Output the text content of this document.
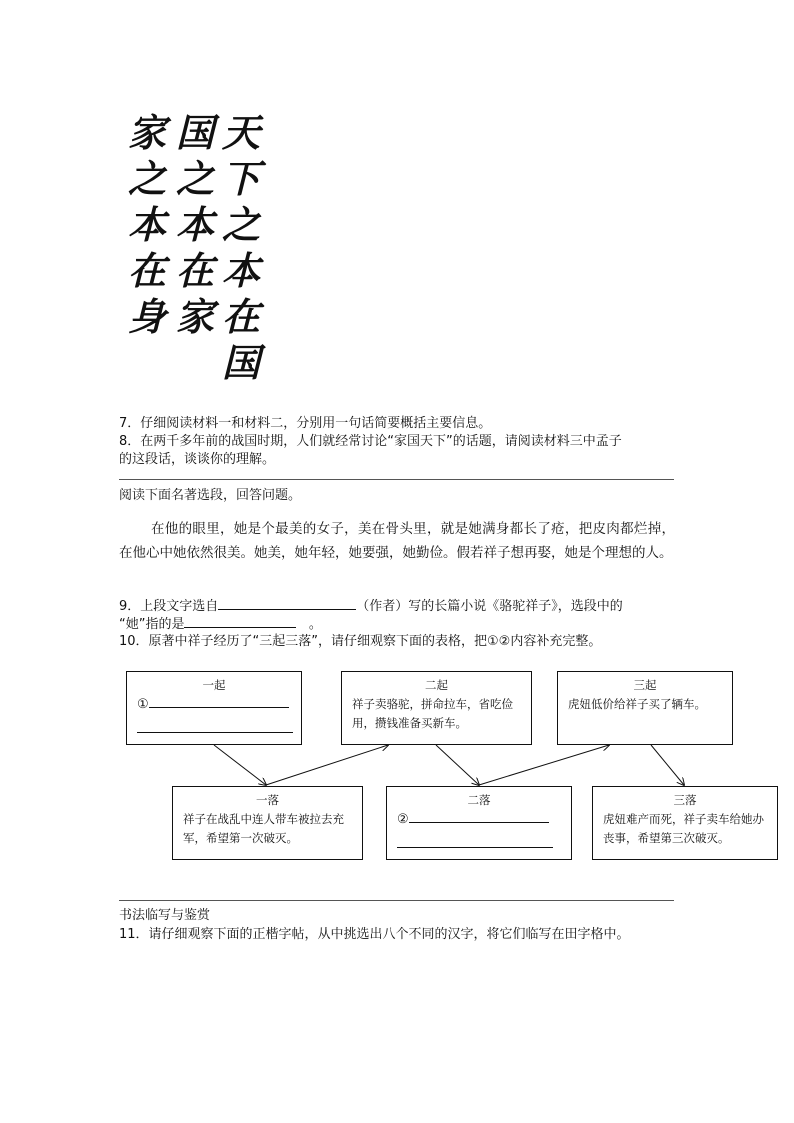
家
之
本
在
身
国
之
本
在
家
天
下
之
本
在
国
7．仔细阅读材料一和材料二，分别用一句话简要概括主要信息。
8．在两千多年前的战国时期，人们就经常讨论“家国天下”的话题，请阅读材料三中孟子
的这段话，谈谈你的理解。
阅读下面名著选段，回答问题。
在他的眼里，她是个最美的女子，美在骨头里，就是她满身都长了疮，把皮肉都烂掉，在他心中她依然很美。她美，她年轻，她要强，她勤俭。假若祥子想再娶，她是个理想的人。
9．上段文字选自	（作者）写的长篇小说《骆驼祥子》，选段中的
“她”指的是	。
10．原著中祥子经历了“三起三落”，请仔细观察下面的表格，把①②内容补充完整。
一起
①
二起
祥子卖骆驼，拼命拉车，省吃俭用，攒钱准备买新车。
三起
虎妞低价给祥子买了辆车。
一落
祥子在战乱中连人带车被拉去充军，希望第一次破灭。
二落
②
三落
虎妞难产而死，祥子卖车给她办丧事，希望第三次破灭。
书法临写与鉴赏
11．请仔细观察下面的正楷字帖，从中挑选出八个不同的汉字，将它们临写在田字格中。
